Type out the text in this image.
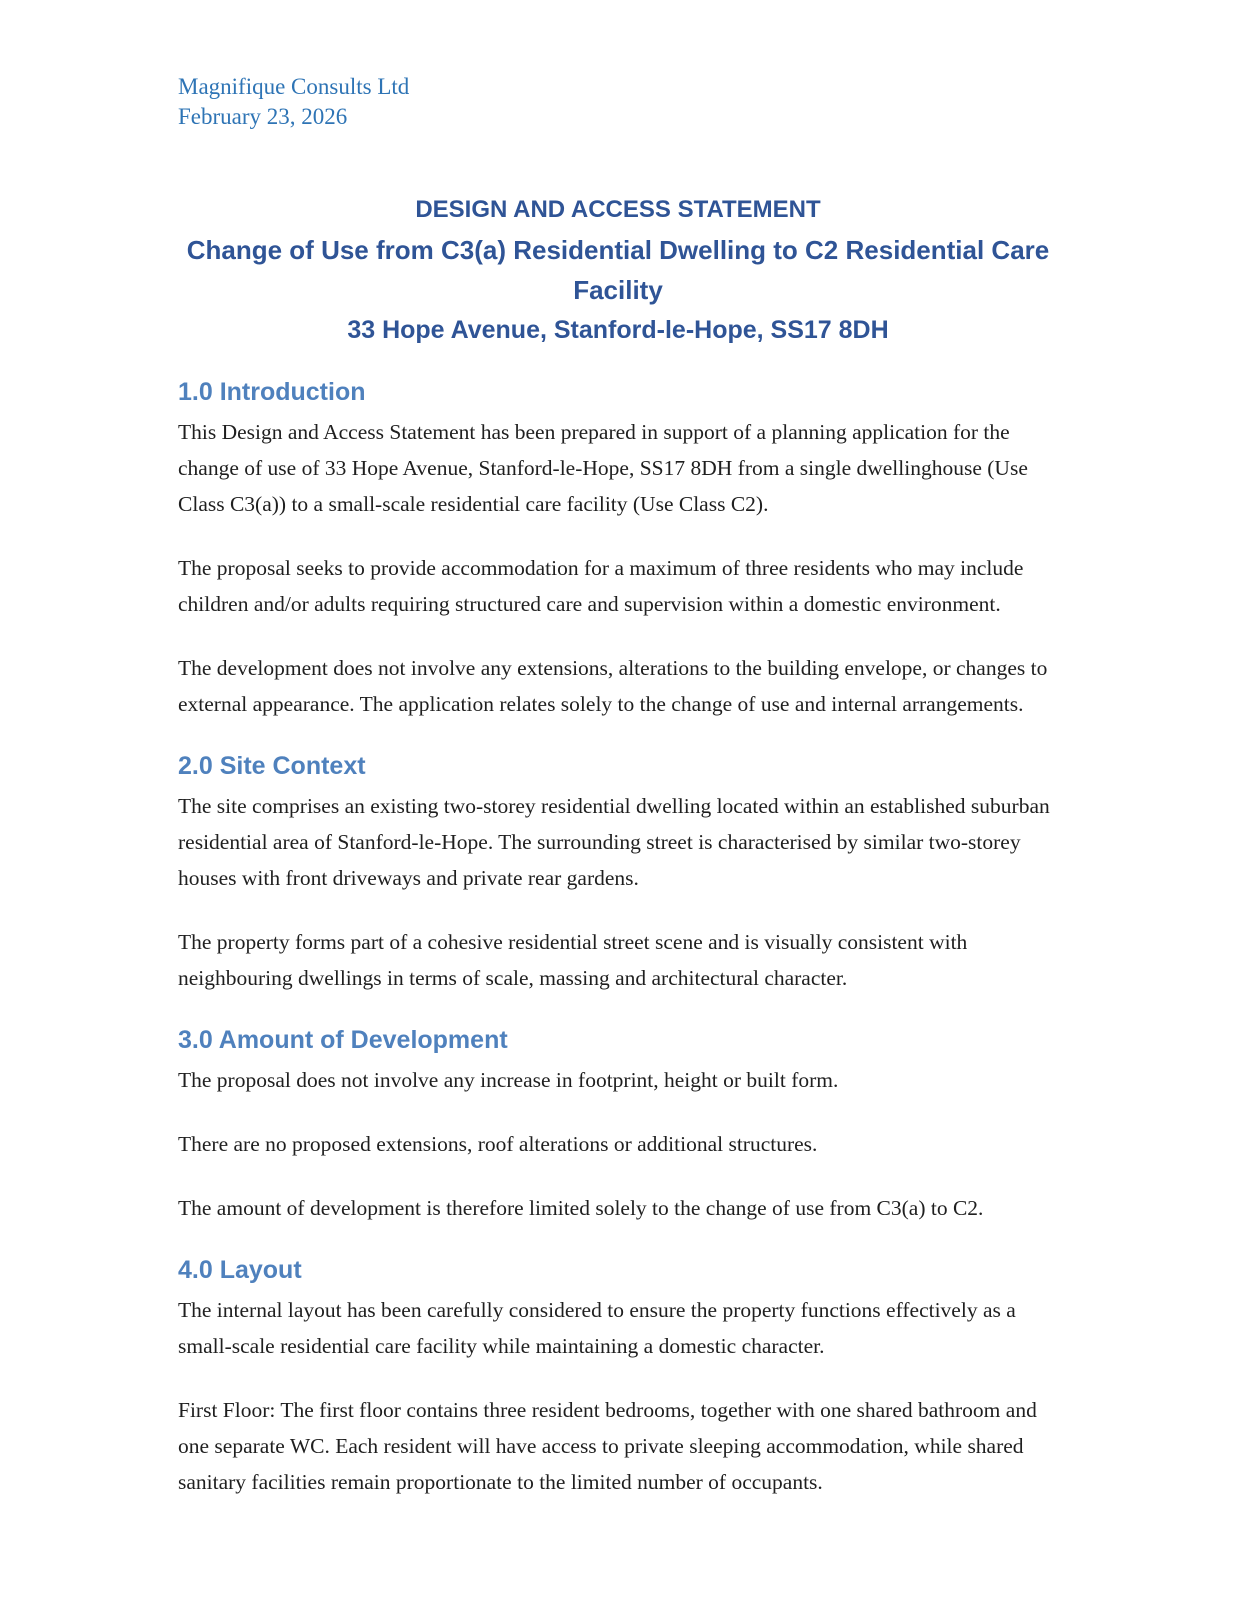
Magnifique Consults Ltd
February 23, 2026
DESIGN AND ACCESS STATEMENT
Change of Use from C3(a) Residential Dwelling to C2 Residential Care Facility
33 Hope Avenue, Stanford-le-Hope, SS17 8DH
1.0 Introduction

This Design and Access Statement has been prepared in support of a planning application for the change of use of 33 Hope Avenue, Stanford-le-Hope, SS17 8DH from a single dwellinghouse (Use Class C3(a)) to a small-scale residential care facility (Use Class C2).

The proposal seeks to provide accommodation for a maximum of three residents who may include children and/or adults requiring structured care and supervision within a domestic environment.

The development does not involve any extensions, alterations to the building envelope, or changes to external appearance. The application relates solely to the change of use and internal arrangements.

2.0 Site Context

The site comprises an existing two-storey residential dwelling located within an established suburban residential area of Stanford-le-Hope. The surrounding street is characterised by similar two-storey houses with front driveways and private rear gardens.

The property forms part of a cohesive residential street scene and is visually consistent with neighbouring dwellings in terms of scale, massing and architectural character.

3.0 Amount of Development

The proposal does not involve any increase in footprint, height or built form.

There are no proposed extensions, roof alterations or additional structures.

The amount of development is therefore limited solely to the change of use from C3(a) to C2.

4.0 Layout

The internal layout has been carefully considered to ensure the property functions effectively as a small-scale residential care facility while maintaining a domestic character.

First Floor: The first floor contains three resident bedrooms, together with one shared bathroom and one separate WC. Each resident will have access to private sleeping accommodation, while shared sanitary facilities remain proportionate to the limited number of occupants.
